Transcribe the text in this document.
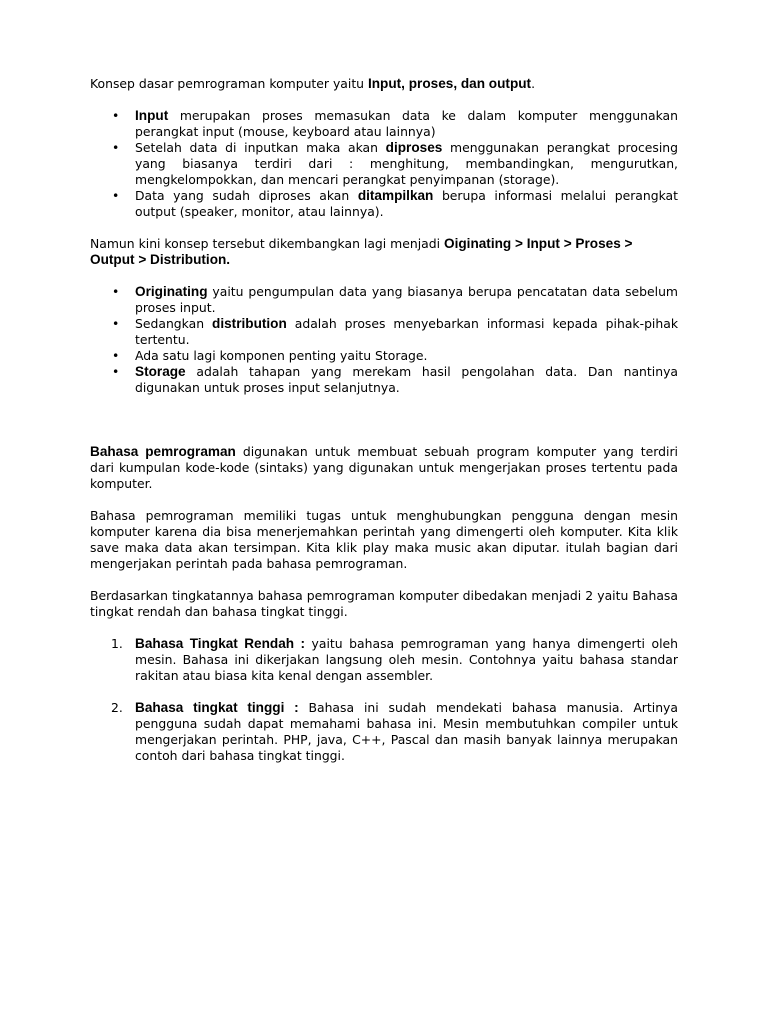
Konsep dasar pemrograman komputer yaitu Input, proses, dan output.

• Input merupakan proses memasukan data ke dalam komputer menggunakan perangkat input (mouse, keyboard atau lainnya)
• Setelah data di inputkan maka akan diproses menggunakan perangkat procesing yang biasanya terdiri dari : menghitung, membandingkan, mengurutkan, mengkelompokkan, dan mencari perangkat penyimpanan (storage).
• Data yang sudah diproses akan ditampilkan berupa informasi melalui perangkat output (speaker, monitor, atau lainnya).

Namun kini konsep tersebut dikembangkan lagi menjadi Oiginating > Input > Proses > Output > Distribution.

• Originating yaitu pengumpulan data yang biasanya berupa pencatatan data sebelum proses input.
• Sedangkan distribution adalah proses menyebarkan informasi kepada pihak-pihak tertentu.
• Ada satu lagi komponen penting yaitu Storage.
• Storage adalah tahapan yang merekam hasil pengolahan data. Dan nantinya digunakan untuk proses input selanjutnya.

Bahasa pemrograman digunakan untuk membuat sebuah program komputer yang terdiri dari kumpulan kode-kode (sintaks) yang digunakan untuk mengerjakan proses tertentu pada komputer.

Bahasa pemrograman memiliki tugas untuk menghubungkan pengguna dengan mesin komputer karena dia bisa menerjemahkan perintah yang dimengerti oleh komputer. Kita klik save maka data akan tersimpan. Kita klik play maka music akan diputar. itulah bagian dari mengerjakan perintah pada bahasa pemrograman.

Berdasarkan tingkatannya bahasa pemrograman komputer dibedakan menjadi 2 yaitu Bahasa tingkat rendah dan bahasa tingkat tinggi.

1. Bahasa Tingkat Rendah : yaitu bahasa pemrograman yang hanya dimengerti oleh mesin. Bahasa ini dikerjakan langsung oleh mesin. Contohnya yaitu bahasa standar rakitan atau biasa kita kenal dengan assembler.
2. Bahasa tingkat tinggi : Bahasa ini sudah mendekati bahasa manusia. Artinya pengguna sudah dapat memahami bahasa ini. Mesin membutuhkan compiler untuk mengerjakan perintah. PHP, java, C++, Pascal dan masih banyak lainnya merupakan contoh dari bahasa tingkat tinggi.
